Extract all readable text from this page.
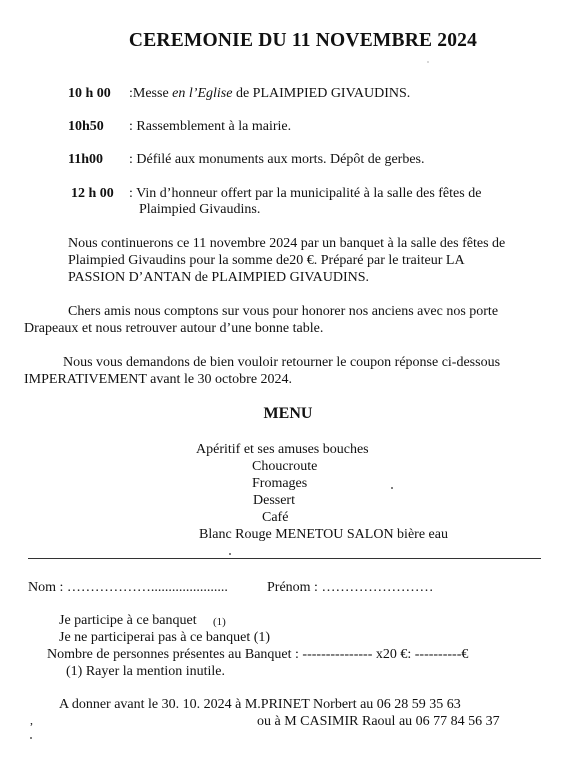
CEREMONIE DU 11 NOVEMBRE 2024
10 h 00 :Messe en l’Eglise de PLAIMPIED GIVAUDINS.
10h50 : Rassemblement à la mairie.
11h00 : Défilé aux monuments aux morts. Dépôt de gerbes.
12 h 00 : Vin d’honneur offert par la municipalité à la salle des fêtes de
Plaimpied Givaudins.
Nous continuerons ce 11 novembre 2024 par un banquet à la salle des fêtes de
Plaimpied Givaudins pour la somme de20 €. Préparé par le traiteur LA
PASSION D’ANTAN de PLAIMPIED GIVAUDINS.
Chers amis nous comptons sur vous pour honorer nos anciens avec nos porte
Drapeaux et nous retrouver autour d’une bonne table.
Nous vous demandons de bien vouloir retourner le coupon réponse ci-dessous
IMPERATIVEMENT avant le 30 octobre 2024.
MENU
Apéritif et ses amuses bouches
Choucroute
Fromages
Dessert
Café
Blanc Rouge MENETOU SALON bière eau
Nom : ………………......................	Prénom : ……………………
Je participe à ce banquet (1)
Je ne participerai pas à ce banquet (1)
Nombre de personnes présentes au Banquet : --------------- x20 €: ----------€
(1) Rayer la mention inutile.
A donner avant le 30. 10. 2024 à M.PRINET Norbert au 06 28 59 35 63
ou à M CASIMIR Raoul au 06 77 84 56 37
,
